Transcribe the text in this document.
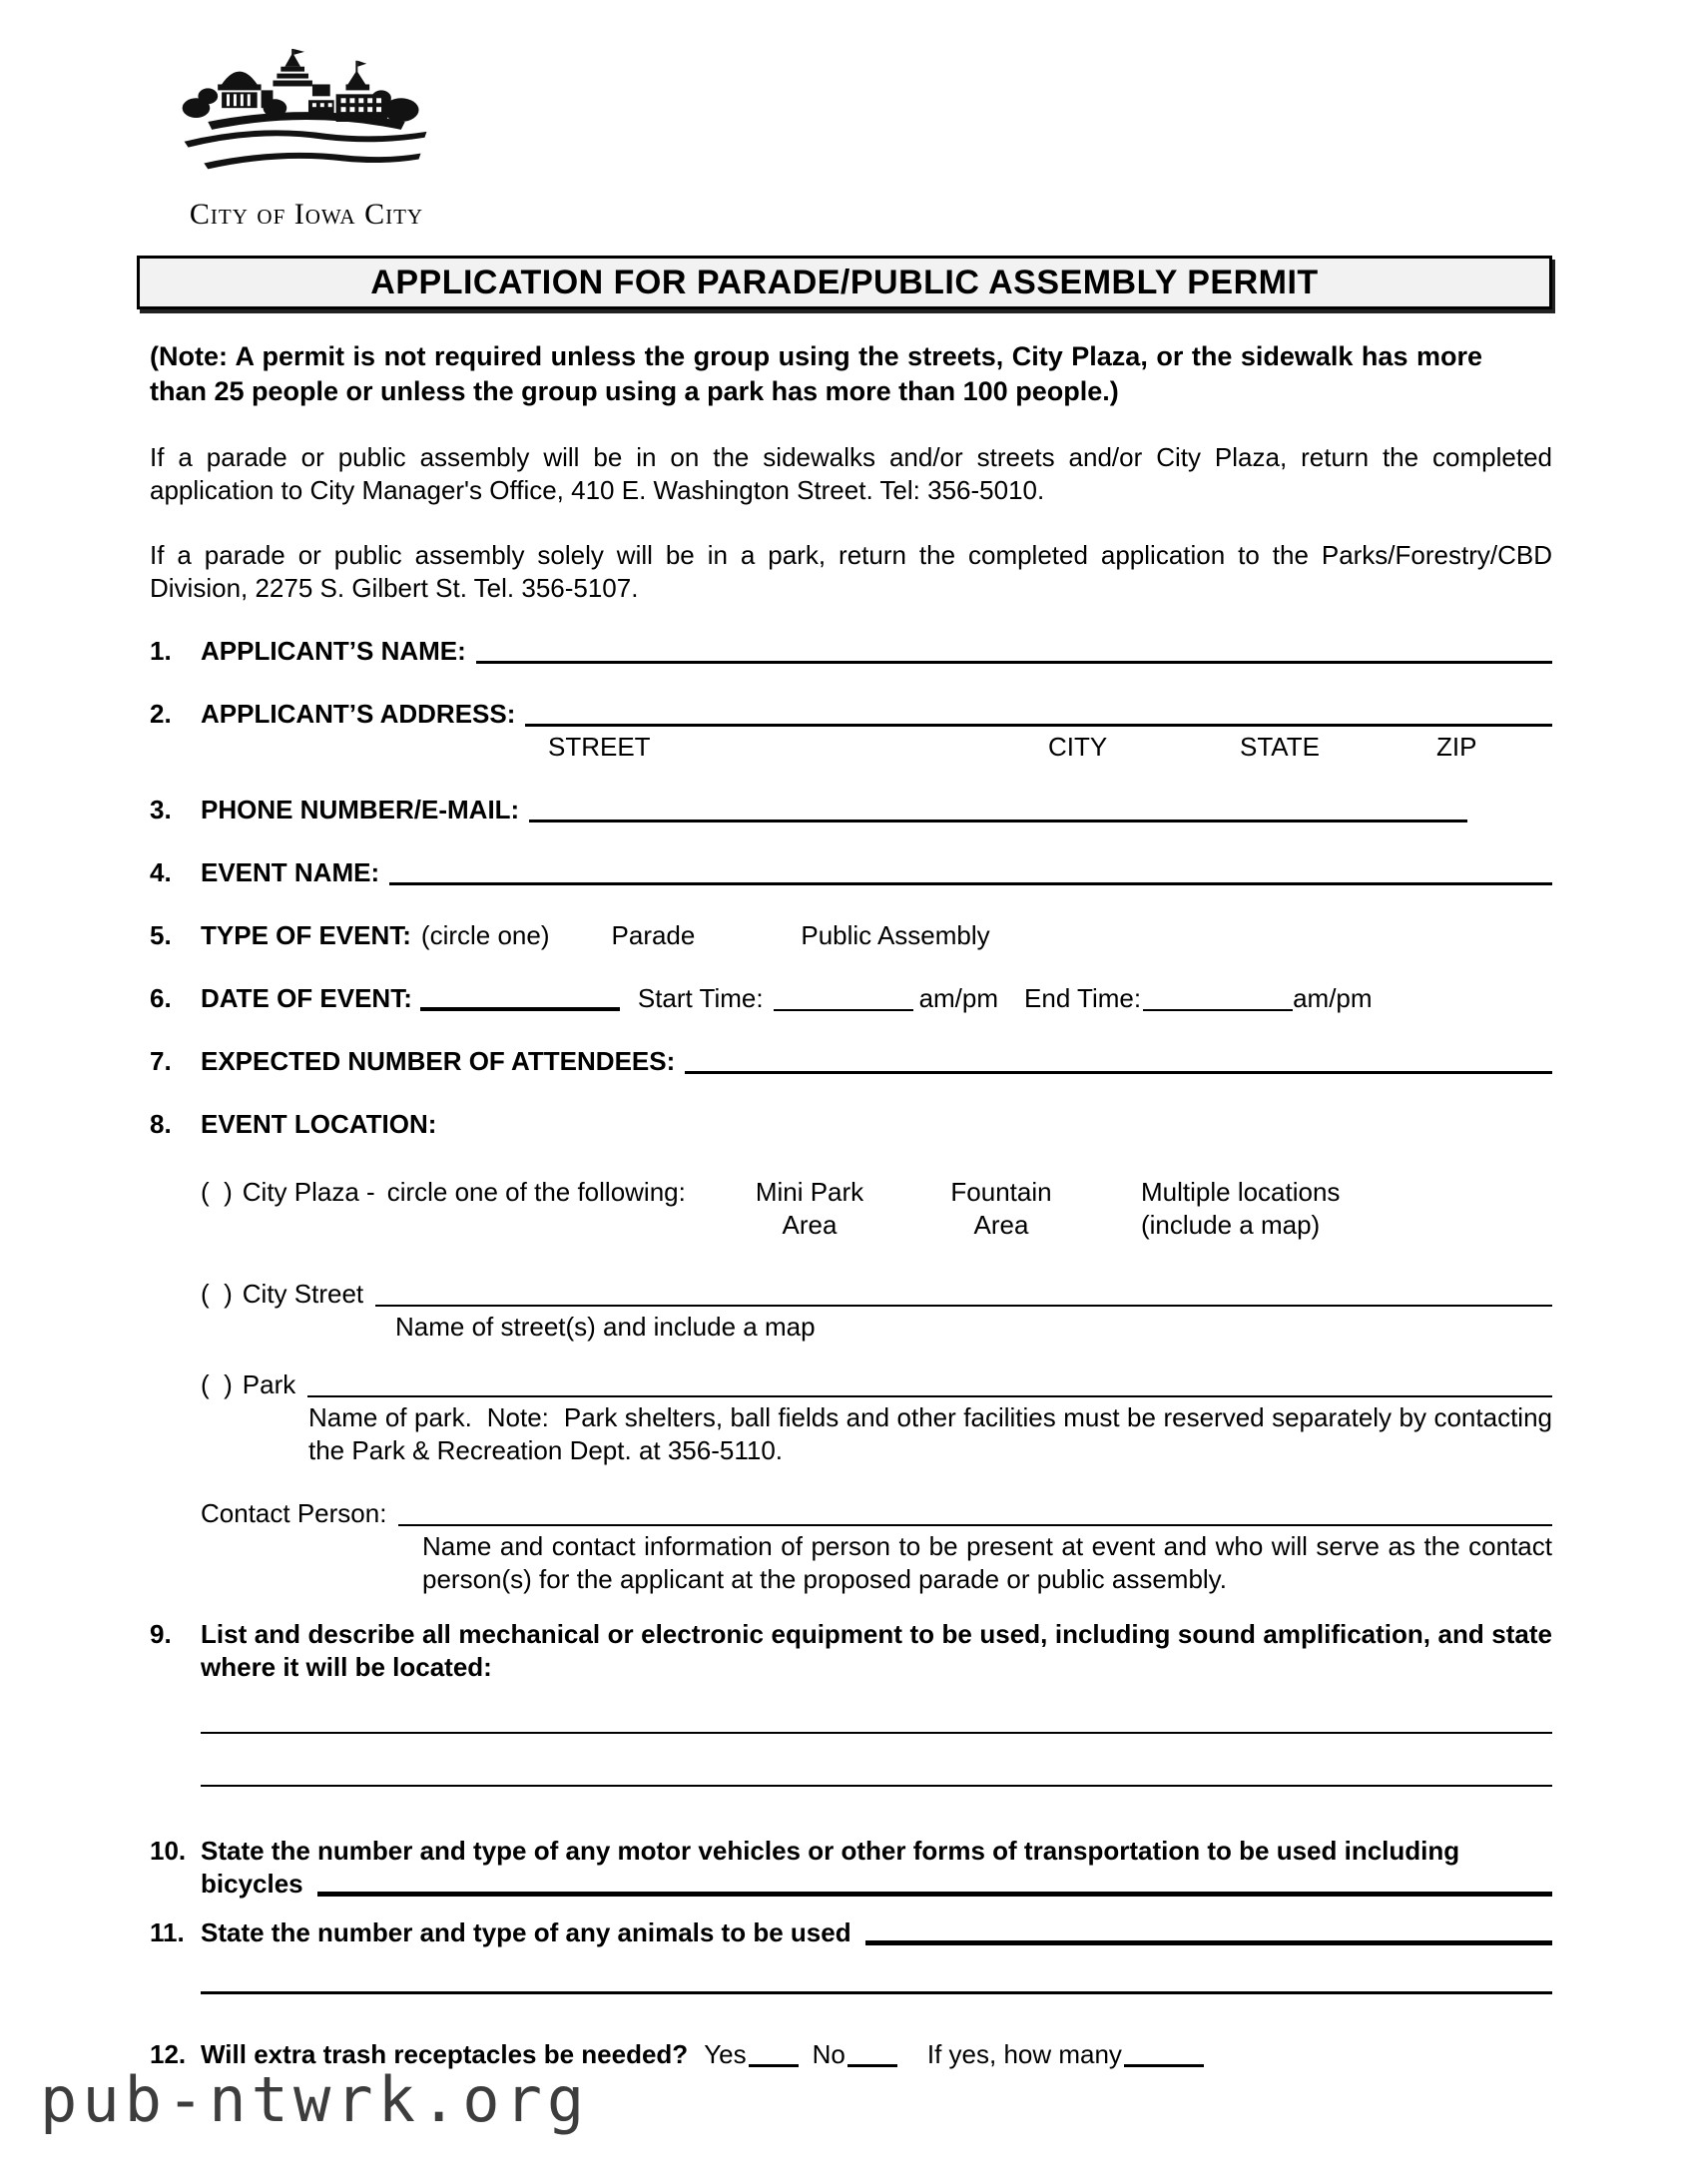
City of Iowa City
APPLICATION FOR PARADE/PUBLIC ASSEMBLY PERMIT
(Note: A permit is not required unless the group using the streets, City Plaza, or the sidewalk has more than 25 people or unless the group using a park has more than 100 people.)
If a parade or public assembly will be in on the sidewalks and/or streets and/or City Plaza, return the completed application to City Manager's Office, 410 E. Washington Street. Tel: 356-5010.
If a parade or public assembly solely will be in a park, return the completed application to the Parks/Forestry/CBD Division, 2275 S. Gilbert St. Tel. 356-5107.
1.	APPLICANT’S NAME:
2.	APPLICANT’S ADDRESS:
STREET	CITY	STATE	ZIP
3.	PHONE NUMBER/E-MAIL:
4.	EVENT NAME:
5.	TYPE OF EVENT: (circle one) Parade	Public Assembly
6.	DATE OF EVENT:	Start Time:	am/pm End Time:	am/pm
7.	EXPECTED NUMBER OF ATTENDEES:
8.	EVENT LOCATION:
(  ) City Plaza - circle one of the following:	Mini Park
Area
Fountain
Area
Multiple locations
(include a map)
(  ) City Street
Name of street(s) and include a map
(  ) Park
Name of park.  Note:  Park shelters, ball fields and other facilities must be reserved separately by contacting the Park & Recreation Dept. at 356-5110.
Contact Person:
Name and contact information of person to be present at event and who will serve as the contact person(s) for the applicant at the proposed parade or public assembly.
9.	List and describe all mechanical or electronic equipment to be used, including sound amplification, and state where it will be located:
10. State the number and type of any motor vehicles or other forms of transportation to be used including
bicycles
11. State the number and type of any animals to be used
12. Will extra trash receptacles be needed? Yes	No	If yes, how many
pub-ntwrk.org
